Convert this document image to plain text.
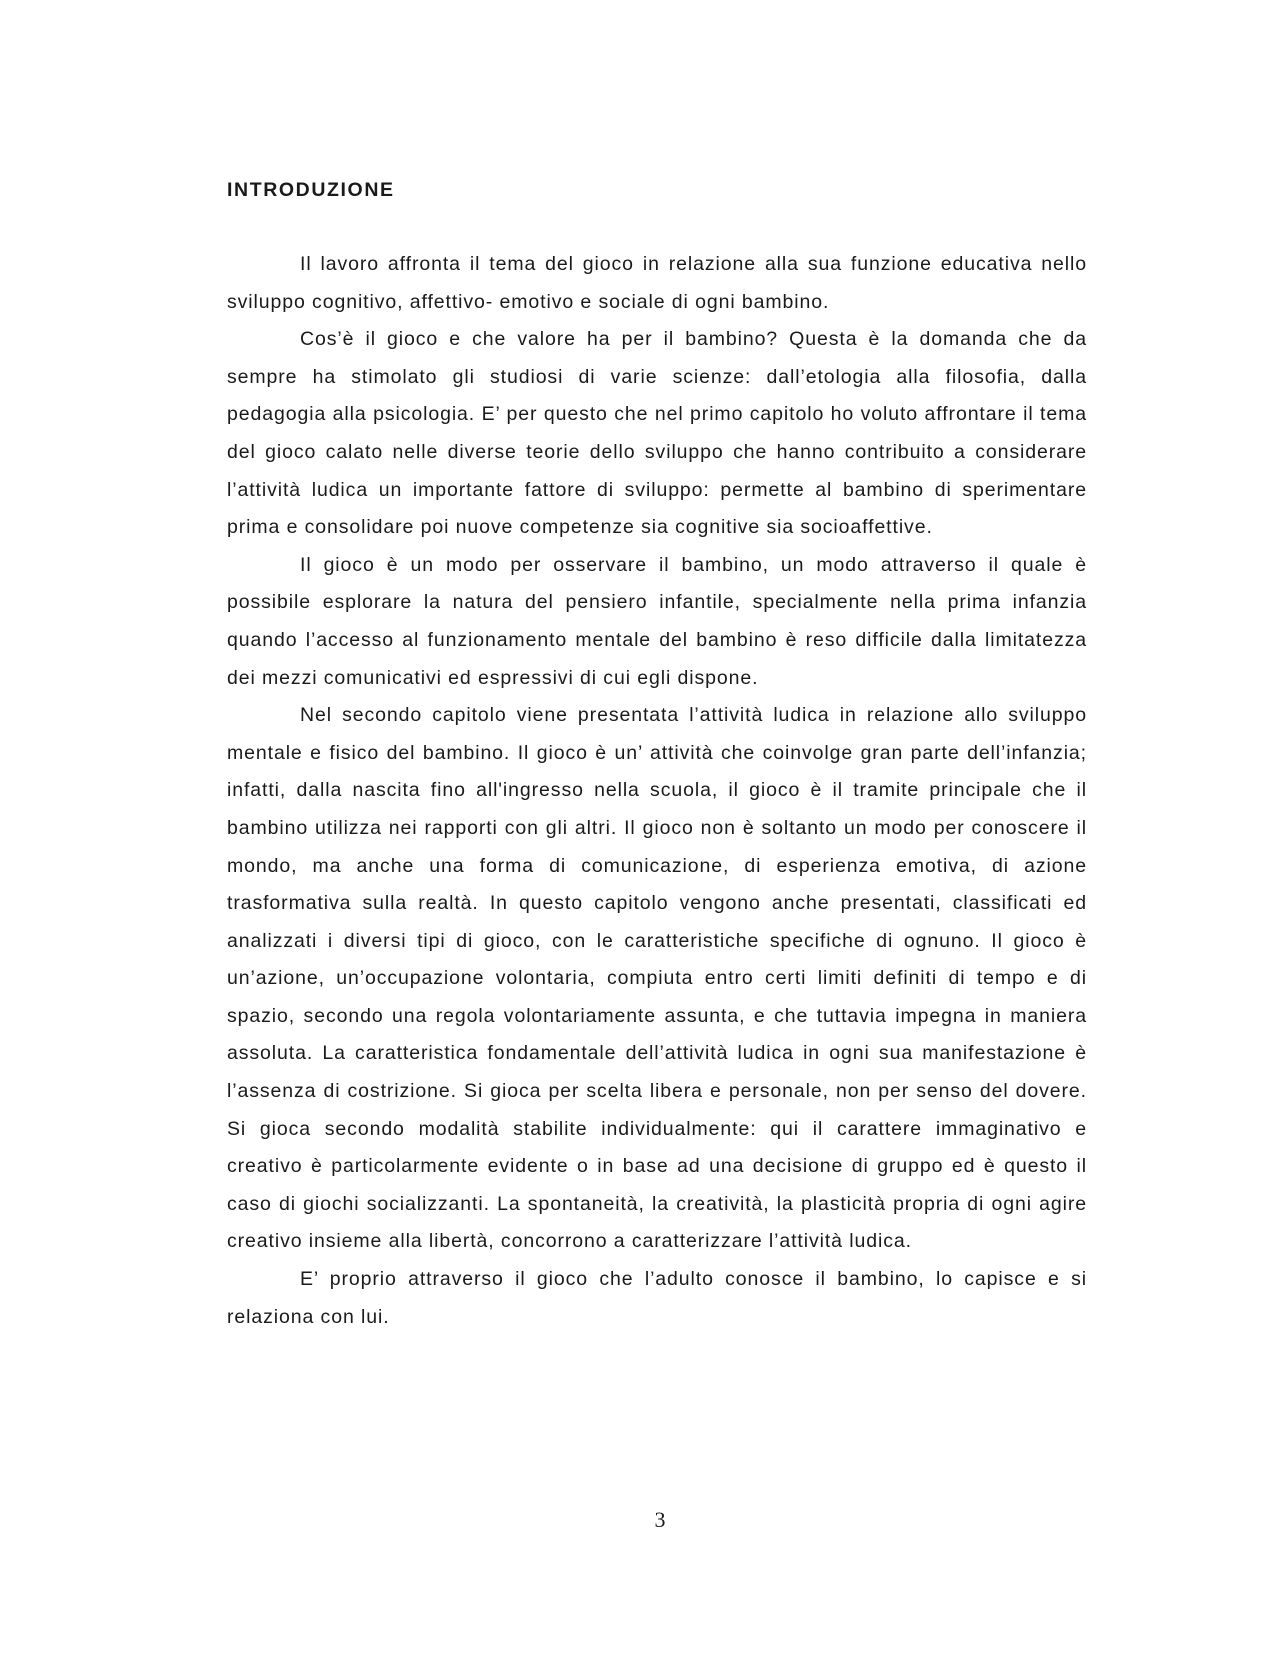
INTRODUZIONE

Il lavoro affronta il tema del gioco in relazione alla sua funzione educativa nello sviluppo cognitivo, affettivo- emotivo e sociale di ogni bambino.

Cos’è il gioco e che valore ha per il bambino? Questa è la domanda che da sempre ha stimolato gli studiosi di varie scienze: dall’etologia alla filosofia, dalla pedagogia alla psicologia. E’ per questo che nel primo capitolo ho voluto affrontare il tema del gioco calato nelle diverse teorie dello sviluppo che hanno contribuito a considerare l’attività ludica un importante fattore di sviluppo: permette al bambino di sperimentare prima e consolidare poi nuove competenze sia cognitive sia socioaffettive.

Il gioco è un modo per osservare il bambino, un modo attraverso il quale è possibile esplorare la natura del pensiero infantile, specialmente nella prima infanzia quando l’accesso al funzionamento mentale del bambino è reso difficile dalla limitatezza dei mezzi comunicativi ed espressivi di cui egli dispone.

Nel secondo capitolo viene presentata l’attività ludica in relazione allo sviluppo mentale e fisico del bambino. Il gioco è un’ attività che coinvolge gran parte dell’infanzia; infatti, dalla nascita fino all'ingresso nella scuola, il gioco è il tramite principale che il bambino utilizza nei rapporti con gli altri. Il gioco non è soltanto un modo per conoscere il mondo, ma anche una forma di comunicazione, di esperienza emotiva, di azione trasformativa sulla realtà. In questo capitolo vengono anche presentati, classificati ed analizzati i diversi tipi di gioco, con le caratteristiche specifiche di ognuno. Il gioco è un’azione, un’occupazione volontaria, compiuta entro certi limiti definiti di tempo e di spazio, secondo una regola volontariamente assunta, e che tuttavia impegna in maniera assoluta. La caratteristica fondamentale dell’attività ludica in ogni sua manifestazione è l’assenza di costrizione. Si gioca per scelta libera e personale, non per senso del dovere. Si gioca secondo modalità stabilite individualmente: qui il carattere immaginativo e creativo è particolarmente evidente o in base ad una decisione di gruppo ed è questo il caso di giochi socializzanti. La spontaneità, la creatività, la plasticità propria di ogni agire creativo insieme alla libertà, concorrono a caratterizzare l’attività ludica.

E’ proprio attraverso il gioco che l’adulto conosce il bambino, lo capisce e si relaziona con lui.

3
